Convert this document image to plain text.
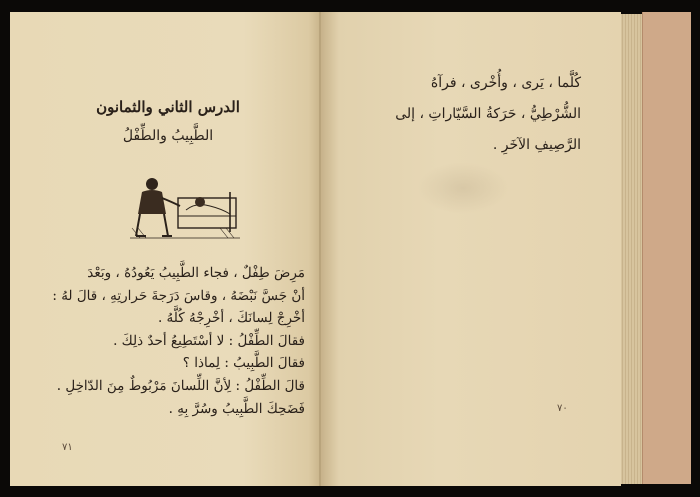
الدرس الثاني والثمانون
الطَّبِيبُ والطِّفْلُ
مَرِضَ طِفْلٌ ، فجاء الطَّبِيبُ يَعُودُهُ ، وبَعْدَ
أنْ جَسَّ نَبْضَهُ ، وقاسَ دَرَجةَ حَرارتِهِ ، قالَ لهُ :
أخْرِجْ لِسانَكَ ، أخْرِجْهُ كُلَّهُ .
فقالَ الطِّفْلُ : لا أسْتَطِيعُ أحدٌ ذلِكَ .
فقالَ الطَّبِيبُ : لِماذا ؟
قالَ الطِّفْلُ : لِأنَّ اللِّسانَ مَرْبُوطٌ مِنَ الدّاخِلِ .
فَضَحِكَ الطَّبِيبُ وسُرَّ بِهِ .
٧١
كُلَّما ، يَرى ، وأُخْرى ، فرآهُ
الشُّرْطِيُّ ، حَرَكةُ السَّيّاراتِ ، إلى
الرَّصِيفِ الآخَرِ .
٧٠
